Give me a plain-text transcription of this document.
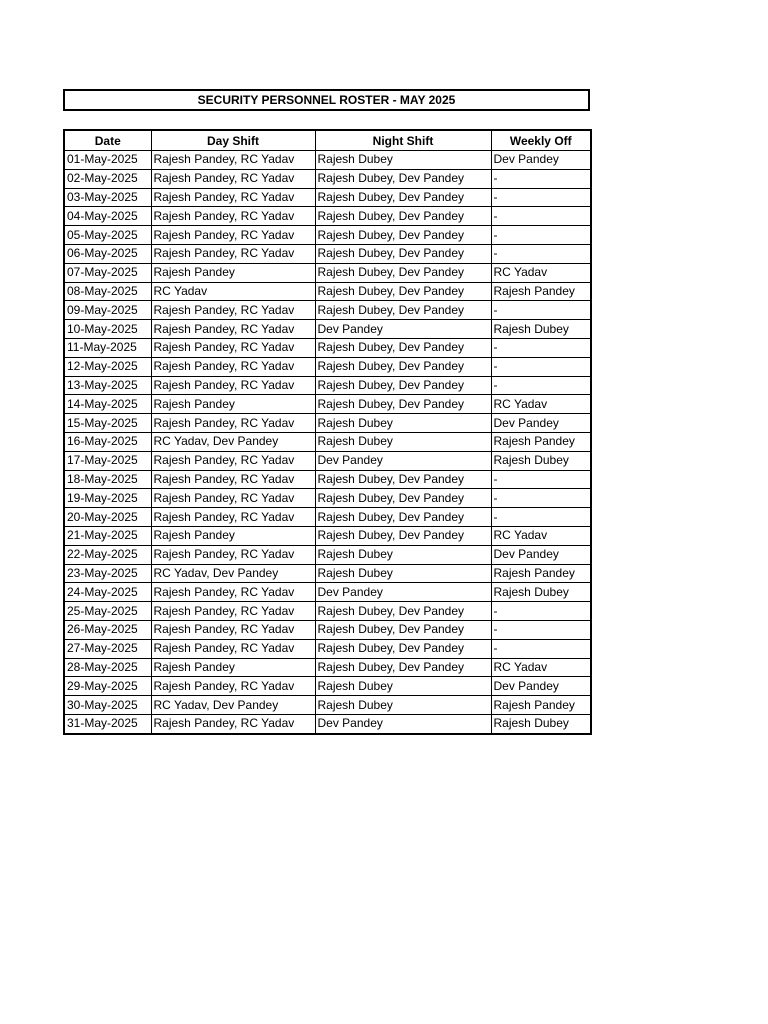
SECURITY PERSONNEL ROSTER - MAY 2025
Date	Day Shift	Night Shift	Weekly Off
01-May-2025	Rajesh Pandey, RC Yadav	Rajesh Dubey	Dev Pandey
02-May-2025	Rajesh Pandey, RC Yadav	Rajesh Dubey, Dev Pandey	-
03-May-2025	Rajesh Pandey, RC Yadav	Rajesh Dubey, Dev Pandey	-
04-May-2025	Rajesh Pandey, RC Yadav	Rajesh Dubey, Dev Pandey	-
05-May-2025	Rajesh Pandey, RC Yadav	Rajesh Dubey, Dev Pandey	-
06-May-2025	Rajesh Pandey, RC Yadav	Rajesh Dubey, Dev Pandey	-
07-May-2025	Rajesh Pandey	Rajesh Dubey, Dev Pandey	RC Yadav
08-May-2025	RC Yadav	Rajesh Dubey, Dev Pandey	Rajesh Pandey
09-May-2025	Rajesh Pandey, RC Yadav	Rajesh Dubey, Dev Pandey	-
10-May-2025	Rajesh Pandey, RC Yadav	Dev Pandey	Rajesh Dubey
11-May-2025	Rajesh Pandey, RC Yadav	Rajesh Dubey, Dev Pandey	-
12-May-2025	Rajesh Pandey, RC Yadav	Rajesh Dubey, Dev Pandey	-
13-May-2025	Rajesh Pandey, RC Yadav	Rajesh Dubey, Dev Pandey	-
14-May-2025	Rajesh Pandey	Rajesh Dubey, Dev Pandey	RC Yadav
15-May-2025	Rajesh Pandey, RC Yadav	Rajesh Dubey	Dev Pandey
16-May-2025	RC Yadav, Dev Pandey	Rajesh Dubey	Rajesh Pandey
17-May-2025	Rajesh Pandey, RC Yadav	Dev Pandey	Rajesh Dubey
18-May-2025	Rajesh Pandey, RC Yadav	Rajesh Dubey, Dev Pandey	-
19-May-2025	Rajesh Pandey, RC Yadav	Rajesh Dubey, Dev Pandey	-
20-May-2025	Rajesh Pandey, RC Yadav	Rajesh Dubey, Dev Pandey	-
21-May-2025	Rajesh Pandey	Rajesh Dubey, Dev Pandey	RC Yadav
22-May-2025	Rajesh Pandey, RC Yadav	Rajesh Dubey	Dev Pandey
23-May-2025	RC Yadav, Dev Pandey	Rajesh Dubey	Rajesh Pandey
24-May-2025	Rajesh Pandey, RC Yadav	Dev Pandey	Rajesh Dubey
25-May-2025	Rajesh Pandey, RC Yadav	Rajesh Dubey, Dev Pandey	-
26-May-2025	Rajesh Pandey, RC Yadav	Rajesh Dubey, Dev Pandey	-
27-May-2025	Rajesh Pandey, RC Yadav	Rajesh Dubey, Dev Pandey	-
28-May-2025	Rajesh Pandey	Rajesh Dubey, Dev Pandey	RC Yadav
29-May-2025	Rajesh Pandey, RC Yadav	Rajesh Dubey	Dev Pandey
30-May-2025	RC Yadav, Dev Pandey	Rajesh Dubey	Rajesh Pandey
31-May-2025	Rajesh Pandey, RC Yadav	Dev Pandey	Rajesh Dubey
